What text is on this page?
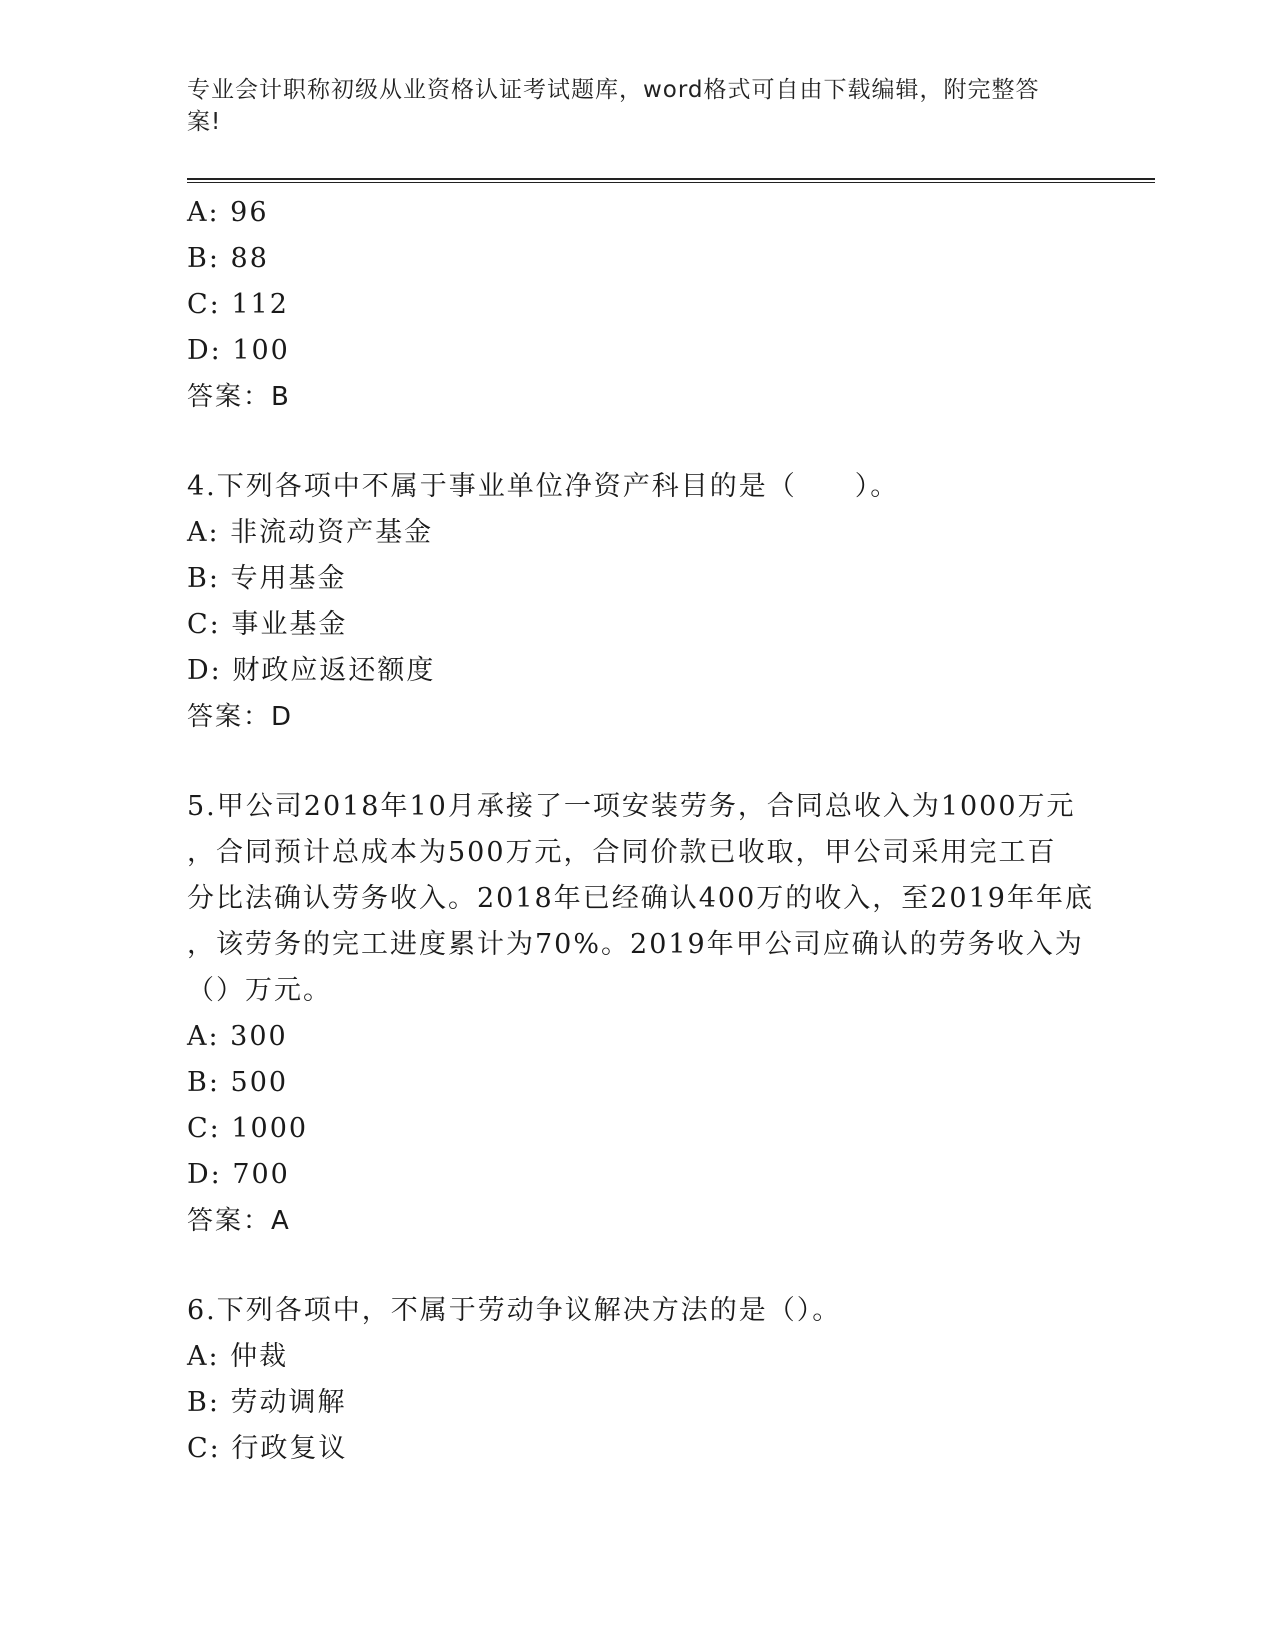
专业会计职称初级从业资格认证考试题库，word格式可自由下载编辑，附完整答
案!
A: 96
B: 88
C: 112
D: 100
答案：B
4.下列各项中不属于事业单位净资产科目的是（　　）。
A: 非流动资产基金
B: 专用基金
C: 事业基金
D: 财政应返还额度
答案：D
5.甲公司2018年10月承接了一项安装劳务，合同总收入为1000万元
，合同预计总成本为500万元，合同价款已收取，甲公司采用完工百
分比法确认劳务收入。2018年已经确认400万的收入，至2019年年底
，该劳务的完工进度累计为70%。2019年甲公司应确认的劳务收入为
（）万元。
A: 300
B: 500
C: 1000
D: 700
答案：A
6.下列各项中，不属于劳动争议解决方法的是（）。
A: 仲裁
B: 劳动调解
C: 行政复议
